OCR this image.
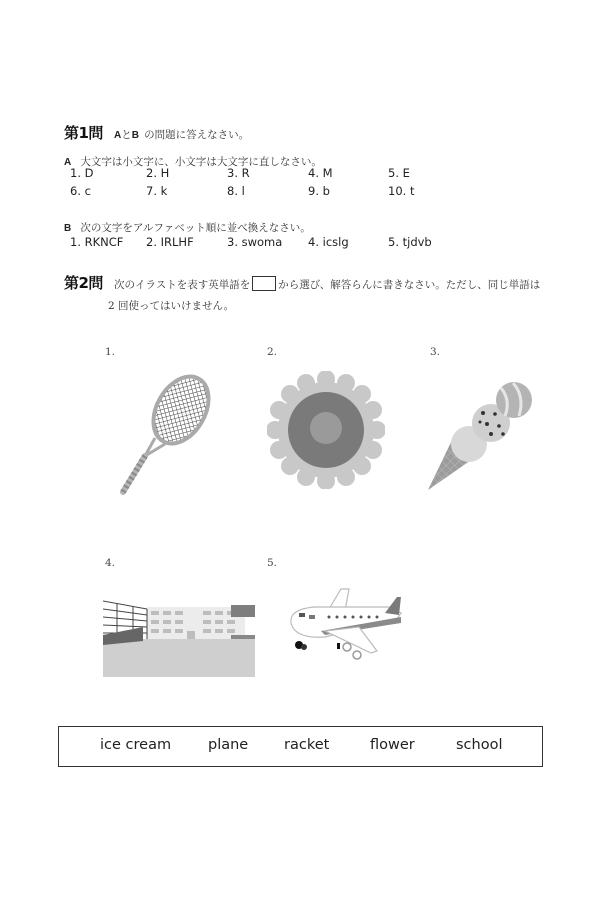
第1問 AとB の問題に答えなさい。
A 大文字は小文字に、小文字は大文字に直しなさい。
1. D	2. H	3. R	4. M	5. E
6. c	7. k	8. l	9. b	10. t
B 次の文字をアルファベット順に並べ換えなさい。
1. RKNCF 2. IRLHF	3. swoma 4. icslg	5. tjdvb
第2問 次のイラストを表す英単語を	から選び、解答らんに書きなさい。ただし、同じ単語は
2 回使ってはいけません。
1.	2.	3.
4.	5.
ice cream	plane racket	flower	school
